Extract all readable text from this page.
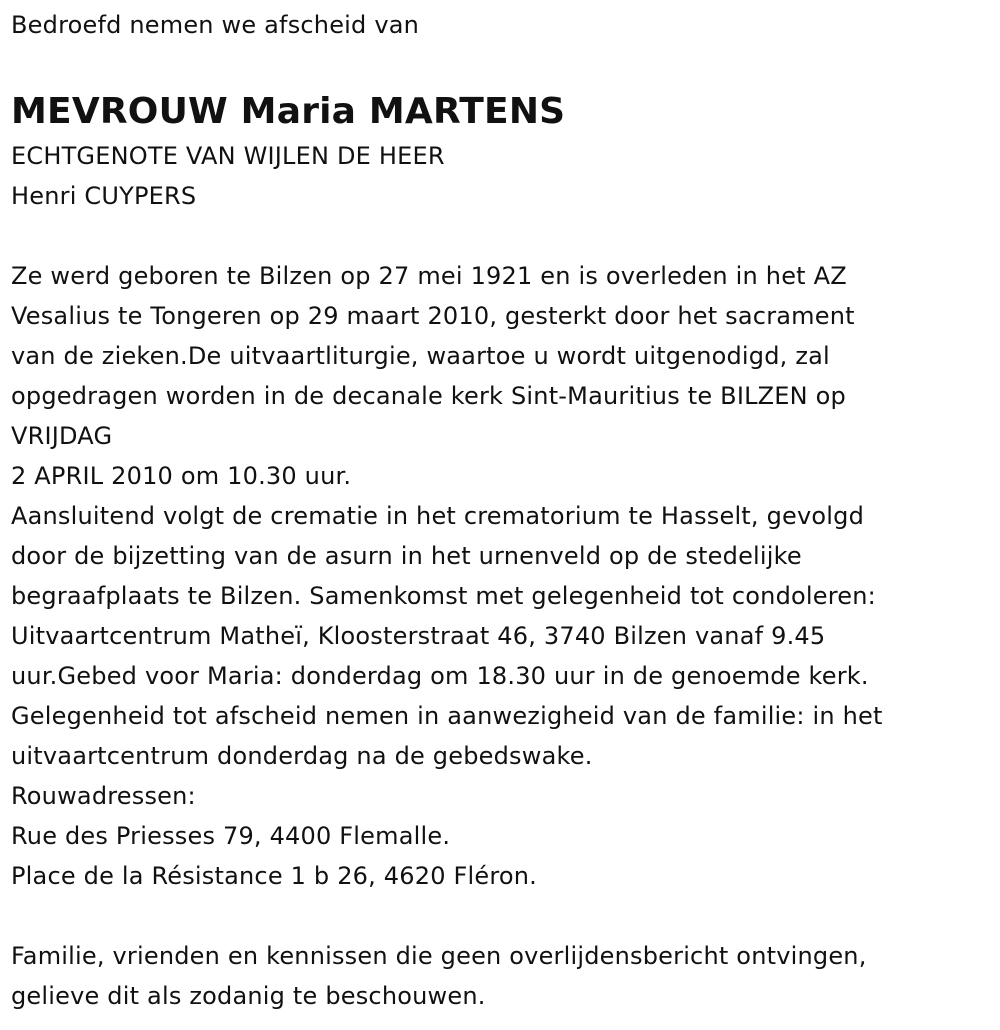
Bedroefd nemen we afscheid van
MEVROUW Maria MARTENS
ECHTGENOTE VAN WIJLEN DE HEER
Henri CUYPERS
Ze werd geboren te Bilzen op 27 mei 1921 en is overleden in het AZ
Vesalius te Tongeren op 29 maart 2010, gesterkt door het sacrament
van de zieken.De uitvaartliturgie, waartoe u wordt uitgenodigd, zal
opgedragen worden in de decanale kerk Sint-Mauritius te BILZEN op
VRIJDAG
2 APRIL 2010 om 10.30 uur.
Aansluitend volgt de crematie in het crematorium te Hasselt, gevolgd
door de bijzetting van de asurn in het urnenveld op de stedelijke
begraafplaats te Bilzen. Samenkomst met gelegenheid tot condoleren:
Uitvaartcentrum Matheï, Kloosterstraat 46, 3740 Bilzen vanaf 9.45
uur.Gebed voor Maria: donderdag om 18.30 uur in de genoemde kerk.
Gelegenheid tot afscheid nemen in aanwezigheid van de familie: in het
uitvaartcentrum donderdag na de gebedswake.
Rouwadressen:
Rue des Priesses 79, 4400 Flemalle.
Place de la Résistance 1 b 26, 4620 Fléron.
Familie, vrienden en kennissen die geen overlijdensbericht ontvingen,
gelieve dit als zodanig te beschouwen.
